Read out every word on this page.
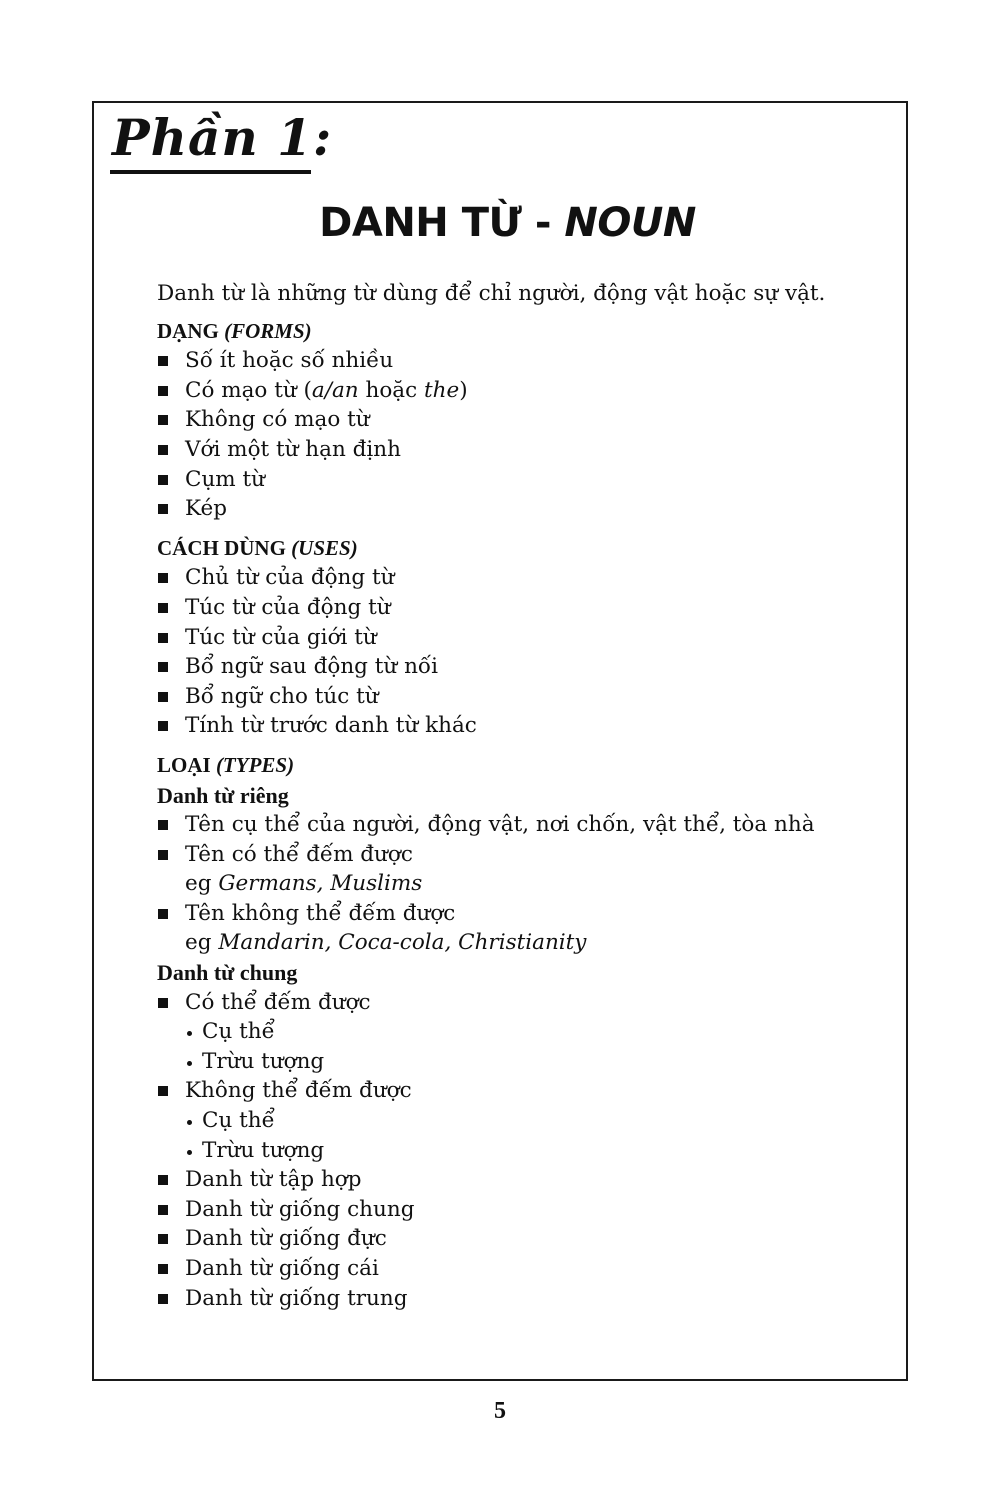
Phần 1:
DANH TỪ - NOUN

Danh từ là những từ dùng để chỉ người, động vật hoặc sự vật.

DẠNG (FORMS)
Số ít hoặc số nhiều
Có mạo từ (a/an hoặc the)
Không có mạo từ
Với một từ hạn định
Cụm từ
Kép
CÁCH DÙNG (USES)
Chủ từ của động từ
Túc từ của động từ
Túc từ của giới từ
Bổ ngữ sau động từ nối
Bổ ngữ cho túc từ
Tính từ trước danh từ khác
LOẠI (TYPES)
Danh từ riêng
Tên cụ thể của người, động vật, nơi chốn, vật thể, tòa nhà
Tên có thể đếm được
eg Germans, Muslims
Tên không thể đếm được
eg Mandarin, Coca-cola, Christianity
Danh từ chung
Có thể đếm được
Cụ thể
Trừu tượng
Không thể đếm được
Cụ thể
Trừu tượng
Danh từ tập hợp
Danh từ giống chung
Danh từ giống đực
Danh từ giống cái
Danh từ giống trung
5
